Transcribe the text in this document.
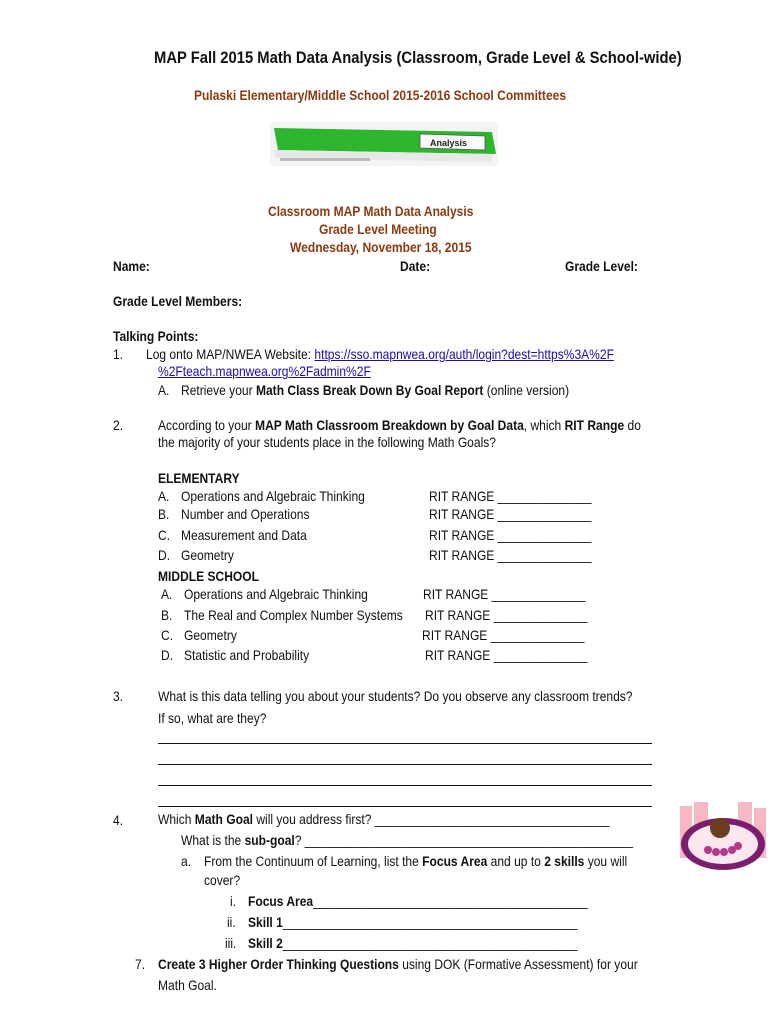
MAP Fall 2015 Math Data Analysis (Classroom, Grade Level & School-wide)
Pulaski Elementary/Middle School 2015-2016 School Committees
Analysis
Classroom MAP Math Data Analysis
Grade Level Meeting
Wednesday, November 18, 2015
Name:	Date:	Grade Level:
Grade Level Members:
Talking Points:
1. Log onto MAP/NWEA Website: https://sso.mapnwea.org/auth/login?dest=https%3A%2F
%2Fteach.mapnwea.org%2Fadmin%2F
A. Retrieve your Math Class Break Down By Goal Report (online version)
2. According to your MAP Math Classroom Breakdown by Goal Data, which RIT Range do
the majority of your students place in the following Math Goals?
ELEMENTARY
A. Operations and Algebraic Thinking	RIT RANGE ______________
B. Number and Operations	RIT RANGE ______________
C. Measurement and Data	RIT RANGE ______________
D. Geometry	RIT RANGE ______________
MIDDLE SCHOOL
A. Operations and Algebraic Thinking	RIT RANGE ______________
B. The Real and Complex Number Systems RIT RANGE ______________
C. Geometry	RIT RANGE ______________
D. Statistic and Probability	RIT RANGE ______________
3. What is this data telling you about your students? Do you observe any classroom trends?
If so, what are they?
4. Which Math Goal will you address first? ___________________________________
What is the sub-goal? _________________________________________________
a. From the Continuum of Learning, list the Focus Area and up to 2 skills you will
cover?
i. Focus Area_________________________________________
ii. Skill 1____________________________________________
iii. Skill 2____________________________________________
7. Create 3 Higher Order Thinking Questions using DOK (Formative Assessment) for your
Math Goal.
